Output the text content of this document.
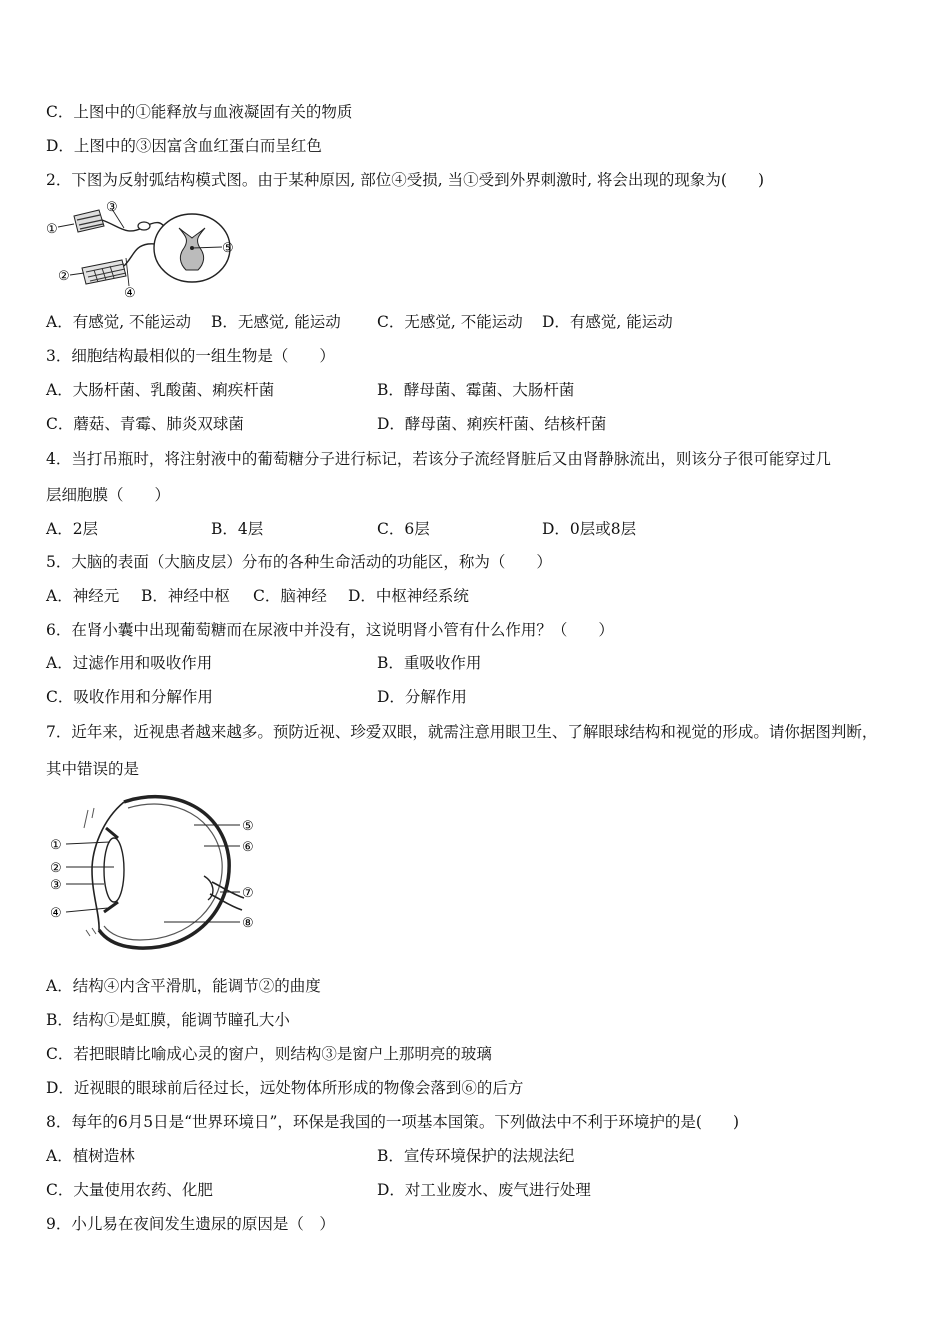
C．上图中的①能释放与血液凝固有关的物质
D．上图中的③因富含血红蛋白而呈红色
2．下图为反射弧结构模式图。由于某种原因, 部位④受损, 当①受到外界刺激时, 将会出现的现象为(　　)
①
②
③
④
⑤
A．有感觉, 不能运动 B．无感觉, 能运动 C．无感觉, 不能运动 D．有感觉, 能运动
3．细胞结构最相似的一组生物是（　　）
A．大肠杆菌、乳酸菌、痢疾杆菌	B．酵母菌、霉菌、大肠杆菌
C．蘑菇、青霉、肺炎双球菌	D．酵母菌、痢疾杆菌、结核杆菌
4．当打吊瓶时，将注射液中的葡萄糖分子进行标记，若该分子流经肾脏后又由肾静脉流出，则该分子很可能穿过几
层细胞膜（　　）
A．2层	B．4层	C．6层	D．0层或8层
5．大脑的表面（大脑皮层）分布的各种生命活动的功能区，称为（　　）
A．神经元 B．神经中枢 C．脑神经 D．中枢神经系统
6．在肾小囊中出现葡萄糖而在尿液中并没有，这说明肾小管有什么作用？（　　）
A．过滤作用和吸收作用	B．重吸收作用
C．吸收作用和分解作用	D．分解作用
7．近年来，近视患者越来越多。预防近视、珍爱双眼，就需注意用眼卫生、了解眼球结构和视觉的形成。请你据图判断，
其中错误的是
①
②
③
④
⑤
⑥
⑦
⑧
A．结构④内含平滑肌，能调节②的曲度
B．结构①是虹膜，能调节瞳孔大小
C．若把眼睛比喻成心灵的窗户，则结构③是窗户上那明亮的玻璃
D．近视眼的眼球前后径过长，远处物体所形成的物像会落到⑥的后方
8．每年的6月5日是“世界环境日”，环保是我国的一项基本国策。下列做法中不利于环境护的是(　　)
A．植树造林	B．宣传环境保护的法规法纪
C．大量使用农药、化肥	D．对工业废水、废气进行处理
9．小儿易在夜间发生遗尿的原因是（　）
